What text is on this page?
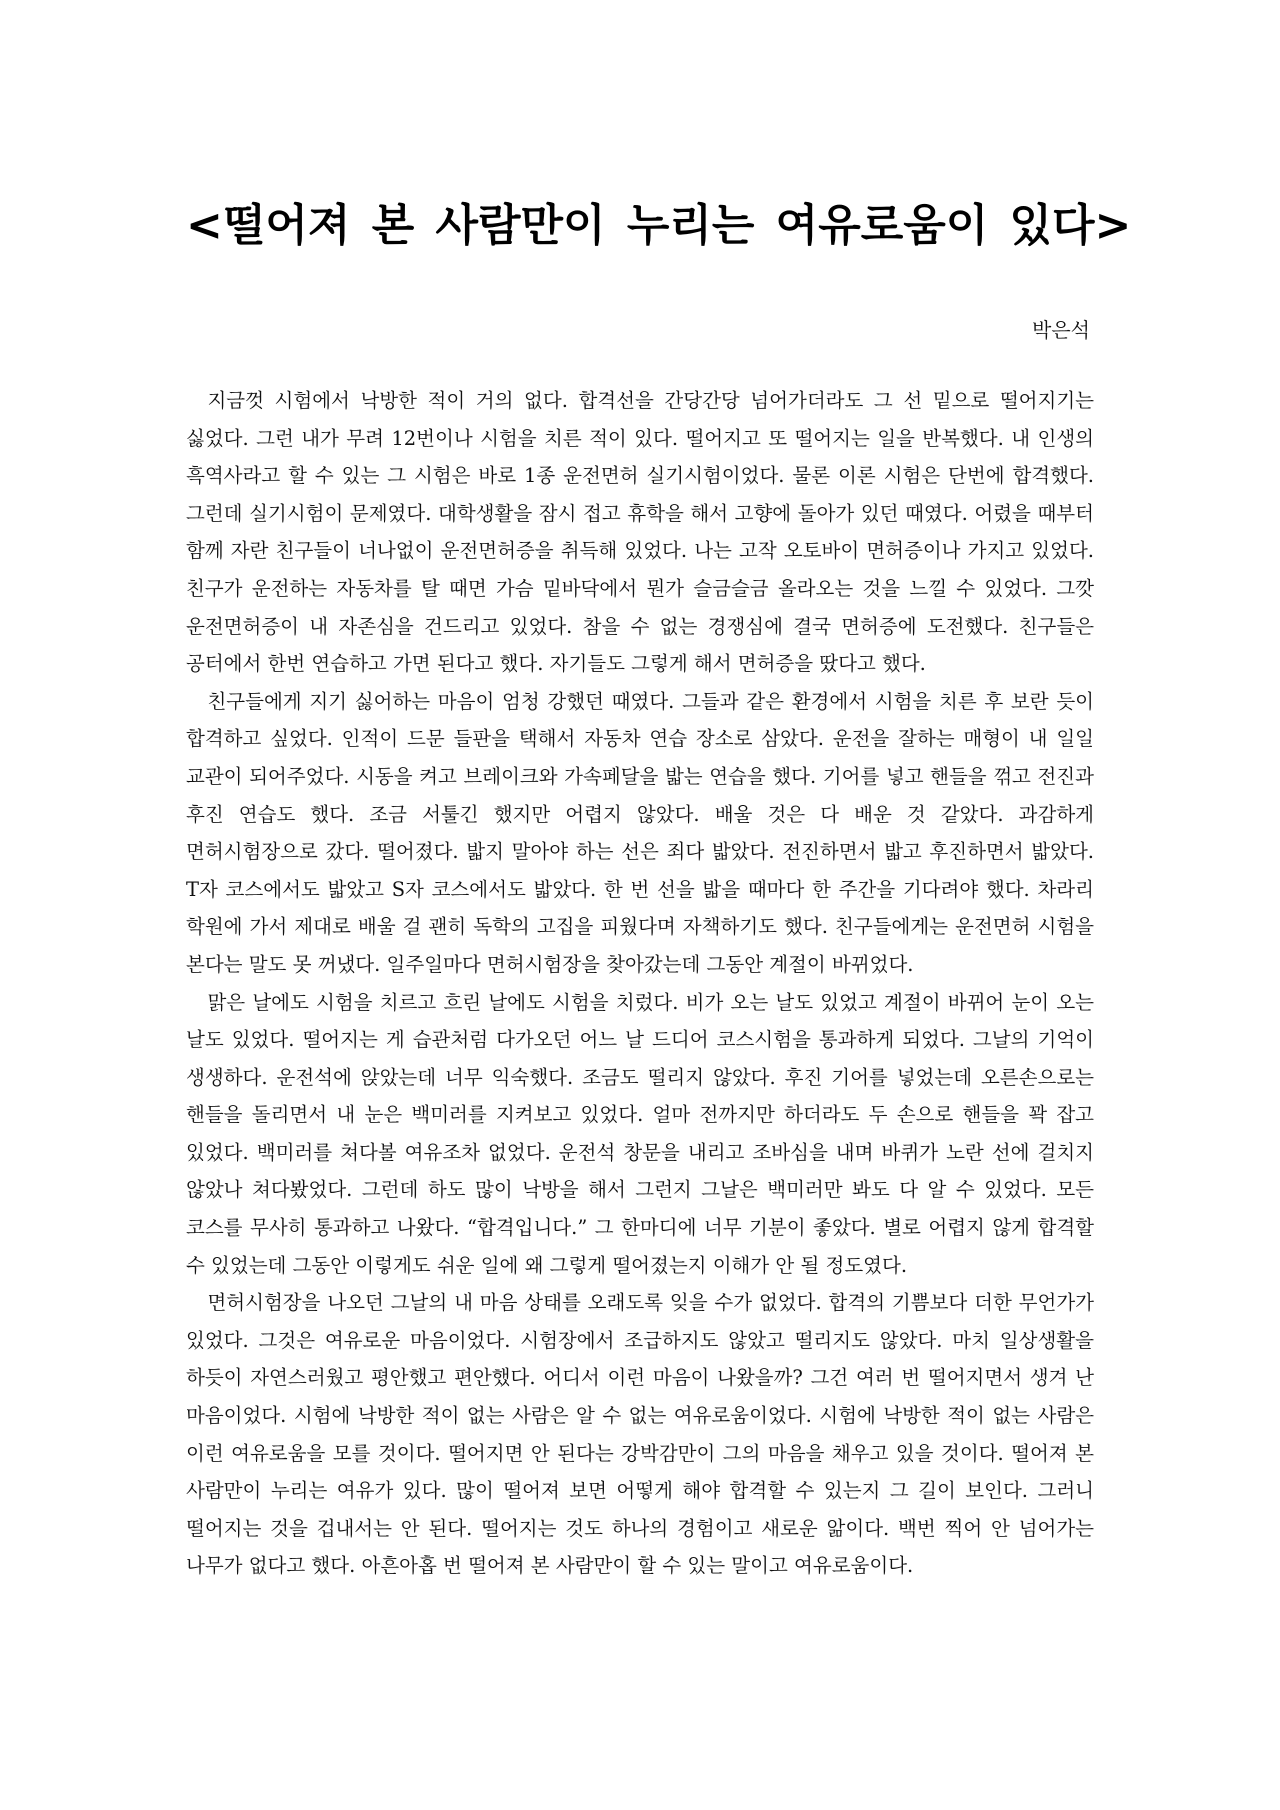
<떨어져 본 사람만이 누리는 여유로움이 있다>

박은석

지금껏 시험에서 낙방한 적이 거의 없다. 합격선을 간당간당 넘어가더라도 그 선 밑으로 떨어지기는 싫었다. 그런 내가 무려 12번이나 시험을 치른 적이 있다. 떨어지고 또 떨어지는 일을 반복했다. 내 인생의 흑역사라고 할 수 있는 그 시험은 바로 1종 운전면허 실기시험이었다. 물론 이론 시험은 단번에 합격했다. 그런데 실기시험이 문제였다. 대학생활을 잠시 접고 휴학을 해서 고향에 돌아가 있던 때였다. 어렸을 때부터 함께 자란 친구들이 너나없이 운전면허증을 취득해 있었다. 나는 고작 오토바이 면허증이나 가지고 있었다. 친구가 운전하는 자동차를 탈 때면 가슴 밑바닥에서 뭔가 슬금슬금 올라오는 것을 느낄 수 있었다. 그깟 운전면허증이 내 자존심을 건드리고 있었다. 참을 수 없는 경쟁심에 결국 면허증에 도전했다. 친구들은 공터에서 한번 연습하고 가면 된다고 했다. 자기들도 그렇게 해서 면허증을 땄다고 했다.

친구들에게 지기 싫어하는 마음이 엄청 강했던 때였다. 그들과 같은 환경에서 시험을 치른 후 보란 듯이 합격하고 싶었다. 인적이 드문 들판을 택해서 자동차 연습 장소로 삼았다. 운전을 잘하는 매형이 내 일일 교관이 되어주었다. 시동을 켜고 브레이크와 가속페달을 밟는 연습을 했다. 기어를 넣고 핸들을 꺾고 전진과 후진 연습도 했다. 조금 서툴긴 했지만 어렵지 않았다. 배울 것은 다 배운 것 같았다. 과감하게 면허시험장으로 갔다. 떨어졌다. 밟지 말아야 하는 선은 죄다 밟았다. 전진하면서 밟고 후진하면서 밟았다. T자 코스에서도 밟았고 S자 코스에서도 밟았다. 한 번 선을 밟을 때마다 한 주간을 기다려야 했다. 차라리 학원에 가서 제대로 배울 걸 괜히 독학의 고집을 피웠다며 자책하기도 했다. 친구들에게는 운전면허 시험을 본다는 말도 못 꺼냈다. 일주일마다 면허시험장을 찾아갔는데 그동안 계절이 바뀌었다.

맑은 날에도 시험을 치르고 흐린 날에도 시험을 치렀다. 비가 오는 날도 있었고 계절이 바뀌어 눈이 오는 날도 있었다. 떨어지는 게 습관처럼 다가오던 어느 날 드디어 코스시험을 통과하게 되었다. 그날의 기억이 생생하다. 운전석에 앉았는데 너무 익숙했다. 조금도 떨리지 않았다. 후진 기어를 넣었는데 오른손으로는 핸들을 돌리면서 내 눈은 백미러를 지켜보고 있었다. 얼마 전까지만 하더라도 두 손으로 핸들을 꽉 잡고 있었다. 백미러를 쳐다볼 여유조차 없었다. 운전석 창문을 내리고 조바심을 내며 바퀴가 노란 선에 걸치지 않았나 쳐다봤었다. 그런데 하도 많이 낙방을 해서 그런지 그날은 백미러만 봐도 다 알 수 있었다. 모든 코스를 무사히 통과하고 나왔다. “합격입니다.” 그 한마디에 너무 기분이 좋았다. 별로 어렵지 않게 합격할 수 있었는데 그동안 이렇게도 쉬운 일에 왜 그렇게 떨어졌는지 이해가 안 될 정도였다.

면허시험장을 나오던 그날의 내 마음 상태를 오래도록 잊을 수가 없었다. 합격의 기쁨보다 더한 무언가가 있었다. 그것은 여유로운 마음이었다. 시험장에서 조급하지도 않았고 떨리지도 않았다. 마치 일상생활을 하듯이 자연스러웠고 평안했고 편안했다. 어디서 이런 마음이 나왔을까? 그건 여러 번 떨어지면서 생겨 난 마음이었다. 시험에 낙방한 적이 없는 사람은 알 수 없는 여유로움이었다. 시험에 낙방한 적이 없는 사람은 이런 여유로움을 모를 것이다. 떨어지면 안 된다는 강박감만이 그의 마음을 채우고 있을 것이다. 떨어져 본 사람만이 누리는 여유가 있다. 많이 떨어져 보면 어떻게 해야 합격할 수 있는지 그 길이 보인다. 그러니 떨어지는 것을 겁내서는 안 된다. 떨어지는 것도 하나의 경험이고 새로운 앎이다. 백번 찍어 안 넘어가는 나무가 없다고 했다. 아흔아홉 번 떨어져 본 사람만이 할 수 있는 말이고 여유로움이다.
